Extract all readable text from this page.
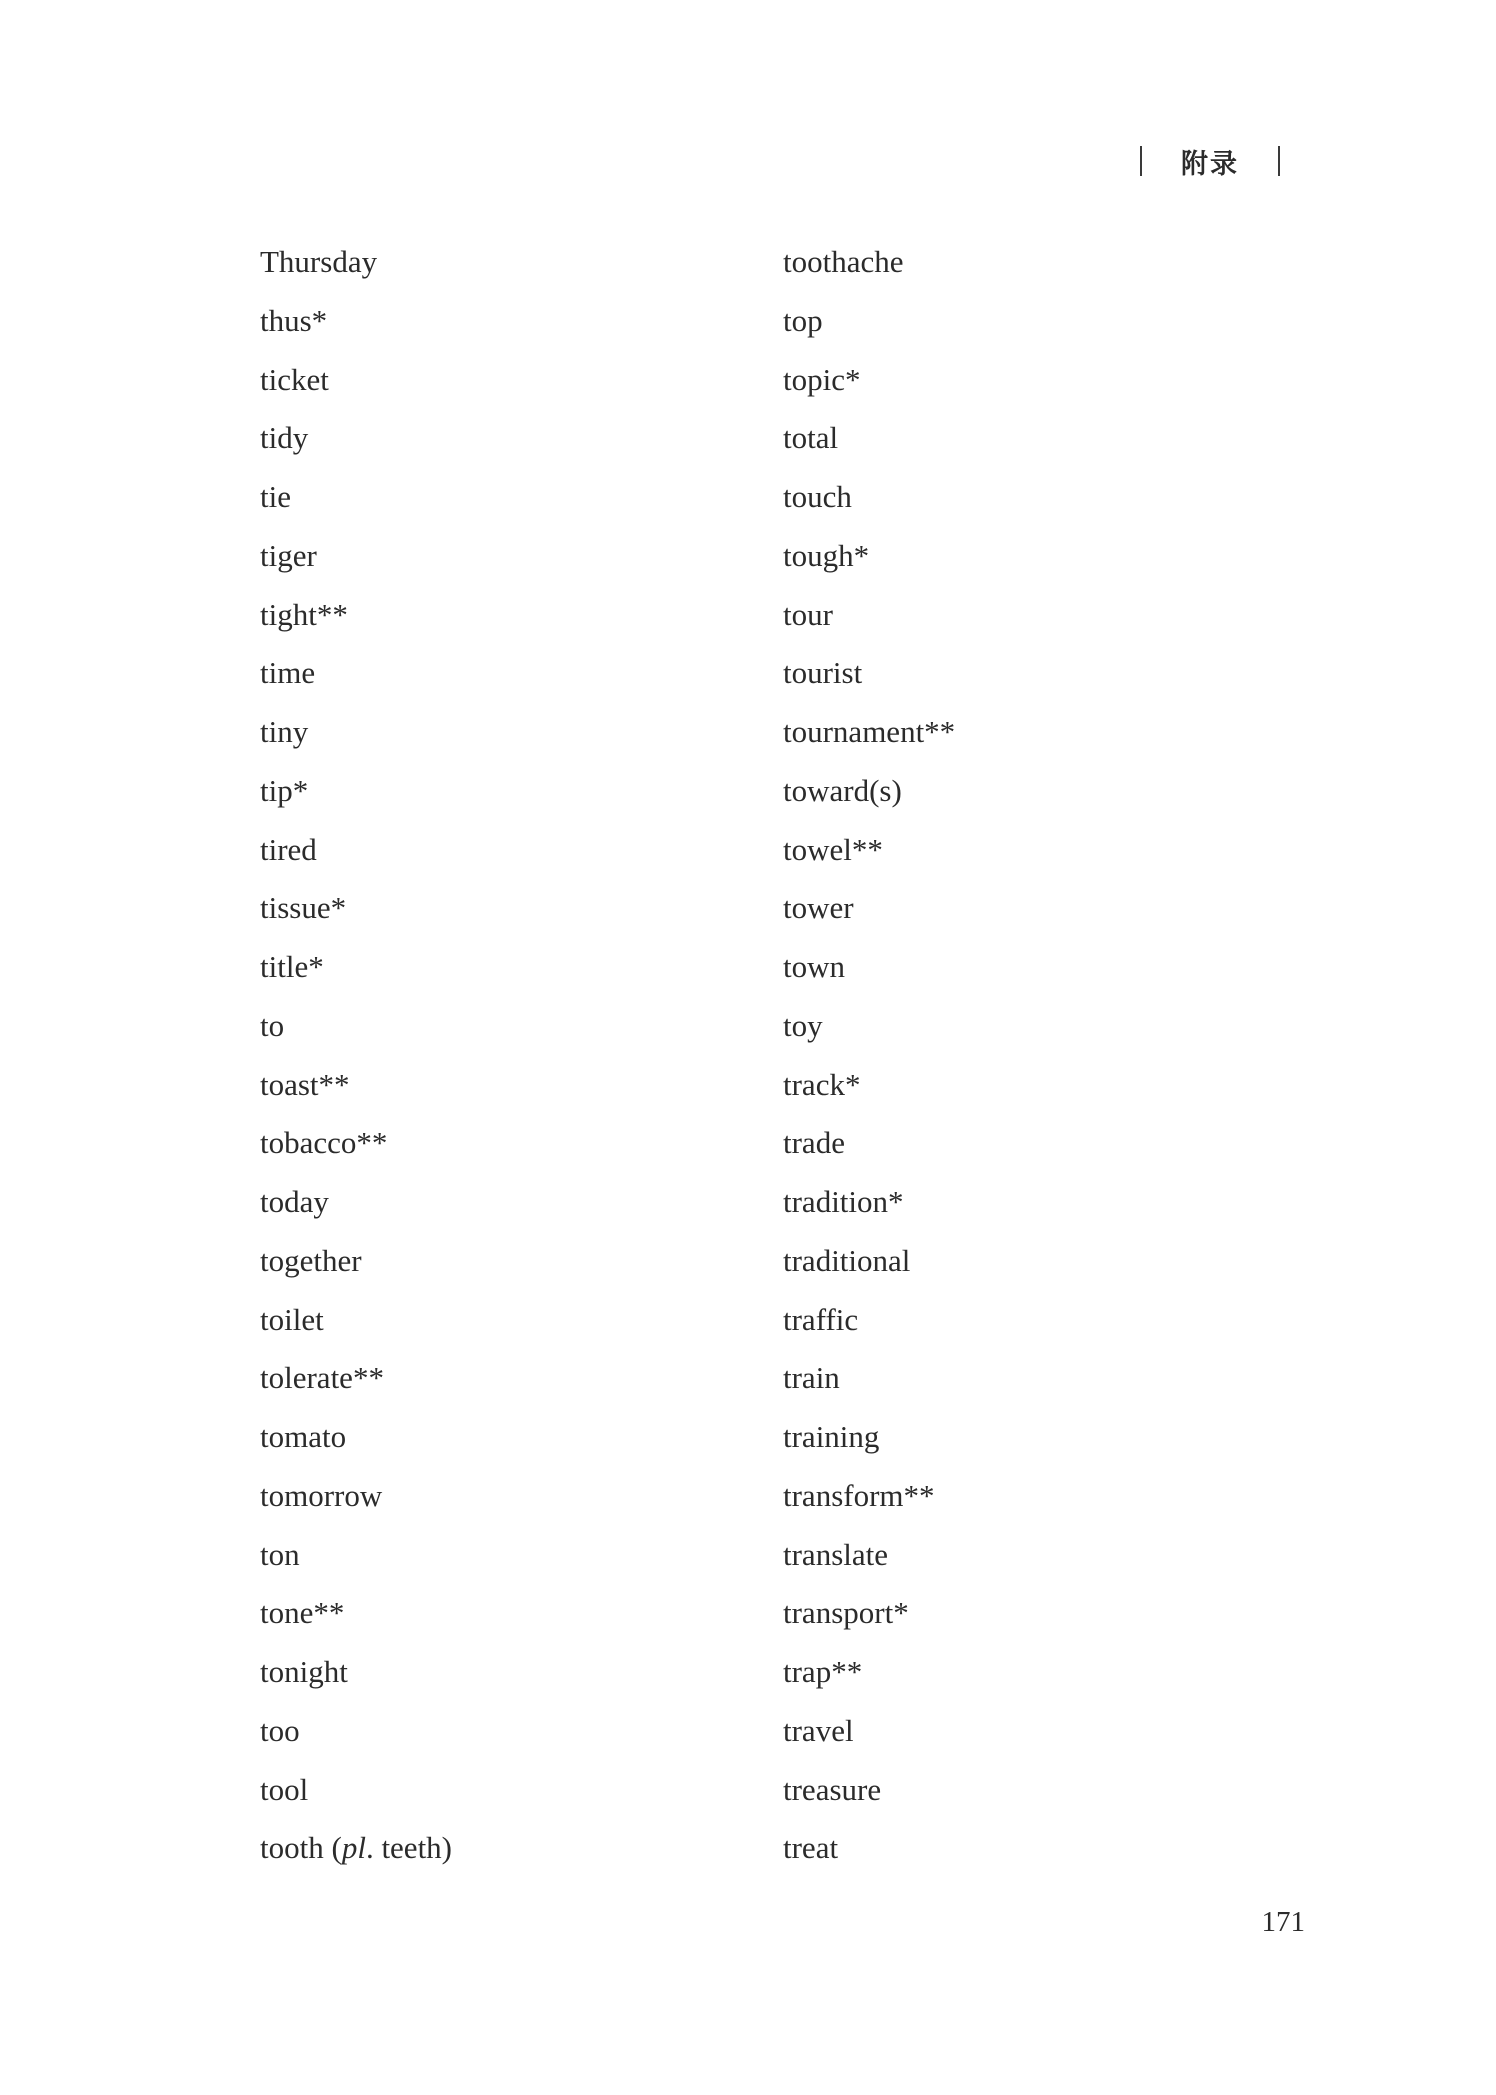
附录
Thursday
thus*
ticket
tidy
tie
tiger
tight**
time
tiny
tip*
tired
tissue*
title*
to
toast**
tobacco**
today
together
toilet
tolerate**
tomato
tomorrow
ton
tone**
tonight
too
tool
tooth (pl. teeth)
toothache
top
topic*
total
touch
tough*
tour
tourist
tournament**
toward(s)
towel**
tower
town
toy
track*
trade
tradition*
traditional
traffic
train
training
transform**
translate
transport*
trap**
travel
treasure
treat
171
